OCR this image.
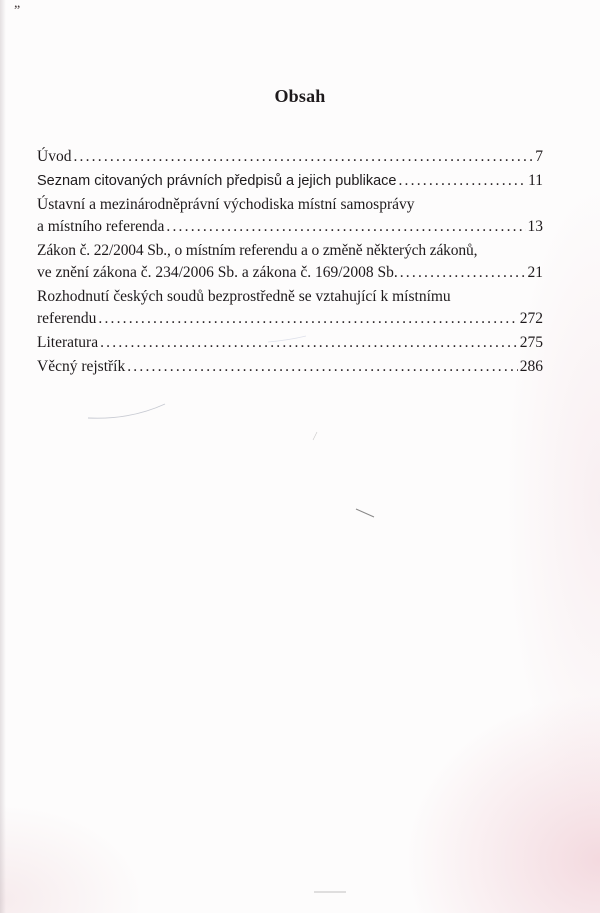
„

Obsah
Úvod .....	7
Seznam citovaných právních předpisů a jejich publikace .....	11
Ústavní a mezinárodněprávní východiska místní samosprávy
a místního referenda .....	13
Zákon č. 22/2004 Sb., o místním referendu a o změně některých zákonů,
ve znění zákona č. 234/2006 Sb. a zákona č. 169/2008 Sb. .....	21
Rozhodnutí českých soudů bezprostředně se vztahující k místnímu
referendu .....	272
Literatura .....	275
Věcný rejstřík .....	286
